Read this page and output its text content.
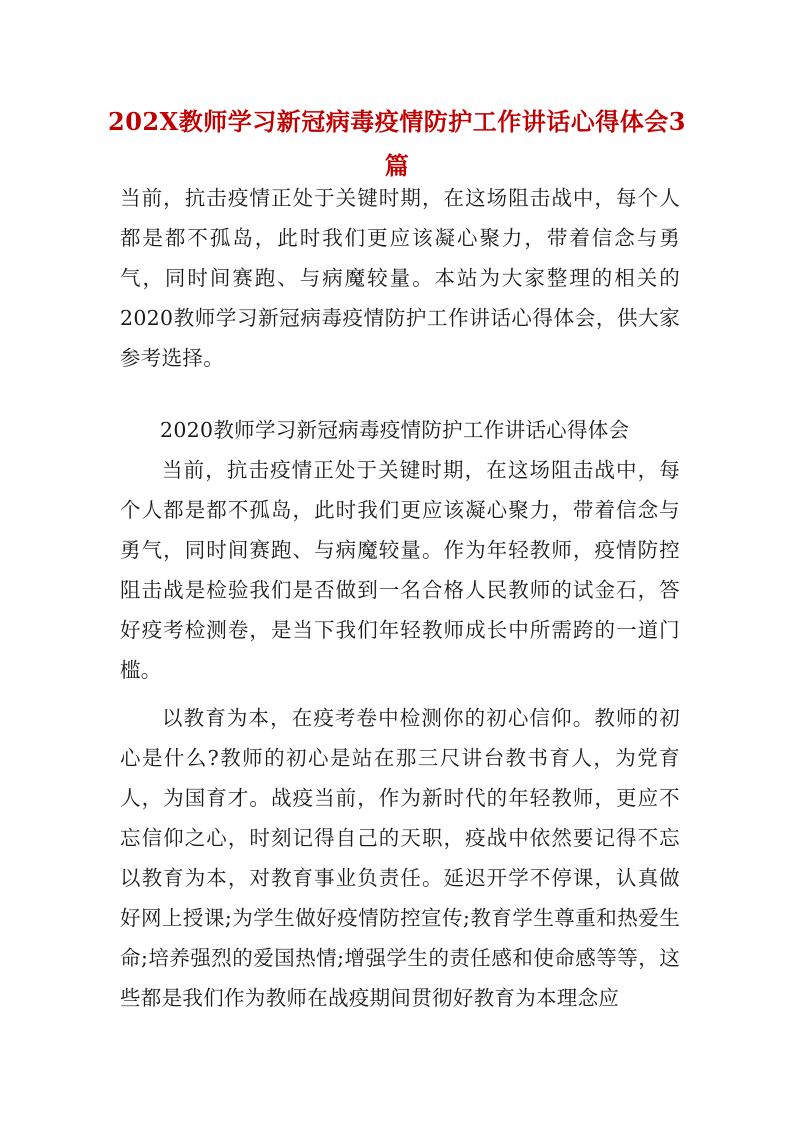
202X教师学习新冠病毒疫情防护工作讲话心得体会3
篇

当前，抗击疫情正处于关键时期，在这场阻击战中，每个人都是都不孤岛，此时我们更应该凝心聚力，带着信念与勇气，同时间赛跑、与病魔较量。本站为大家整理的相关的2020教师学习新冠病毒疫情防护工作讲话心得体会，供大家参考选择。

2020教师学习新冠病毒疫情防护工作讲话心得体会

当前，抗击疫情正处于关键时期，在这场阻击战中，每个人都是都不孤岛，此时我们更应该凝心聚力，带着信念与勇气，同时间赛跑、与病魔较量。作为年轻教师，疫情防控阻击战是检验我们是否做到一名合格人民教师的试金石，答好疫考检测卷，是当下我们年轻教师成长中所需跨的一道门槛。

以教育为本，在疫考卷中检测你的初心信仰。教师的初心是什么?教师的初心是站在那三尺讲台教书育人，为党育人，为国育才。战疫当前，作为新时代的年轻教师，更应不忘信仰之心，时刻记得自己的天职，疫战中依然要记得不忘以教育为本，对教育事业负责任。延迟开学不停课，认真做好网上授课;为学生做好疫情防控宣传;教育学生尊重和热爱生命;培养强烈的爱国热情;增强学生的责任感和使命感等等，这些都是我们作为教师在战疫期间贯彻好教育为本理念应
